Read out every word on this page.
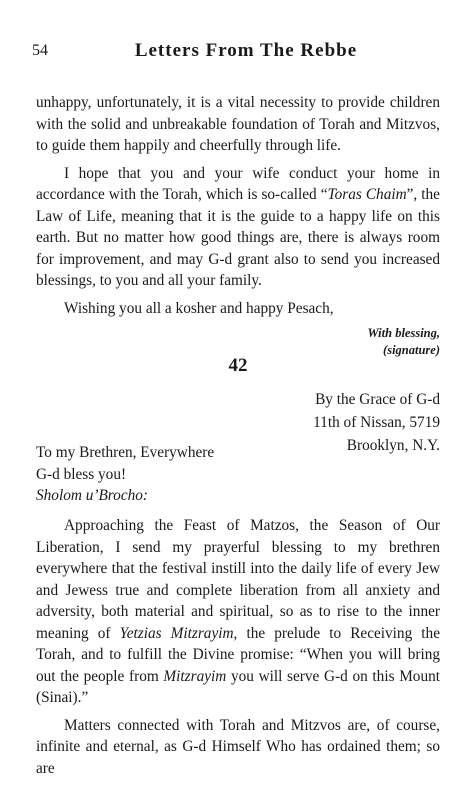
54	Letters From The Rebbe

unhappy, unfortunately, it is a vital necessity to provide children with the solid and unbreakable foundation of Torah and Mitzvos, to guide them happily and cheerfully through life.

I hope that you and your wife conduct your home in accordance with the Torah, which is so-called “Toras Chaim”, the Law of Life, meaning that it is the guide to a happy life on this earth. But no matter how good things are, there is always room for improvement, and may G-d grant also to send you increased blessings, to you and all your family.

Wishing you all a kosher and happy Pesach,

With blessing,
(signature)
42
By the Grace of G-d
11th of Nissan, 5719
Brooklyn, N.Y.
To my Brethren, Everywhere
G-d bless you!
Sholom u’Brocho:

Approaching the Feast of Matzos, the Season of Our Liberation, I send my prayerful blessing to my brethren everywhere that the festival instill into the daily life of every Jew and Jewess true and complete liberation from all anxiety and adversity, both material and spiritual, so as to rise to the inner meaning of Yetzias Mitzrayim, the prelude to Receiving the Torah, and to fulfill the Divine promise: “When you will bring out the people from Mitzrayim you will serve G-d on this Mount (Sinai).”

Matters connected with Torah and Mitzvos are, of course, infinite and eternal, as G-d Himself Who has ordained them; so are
